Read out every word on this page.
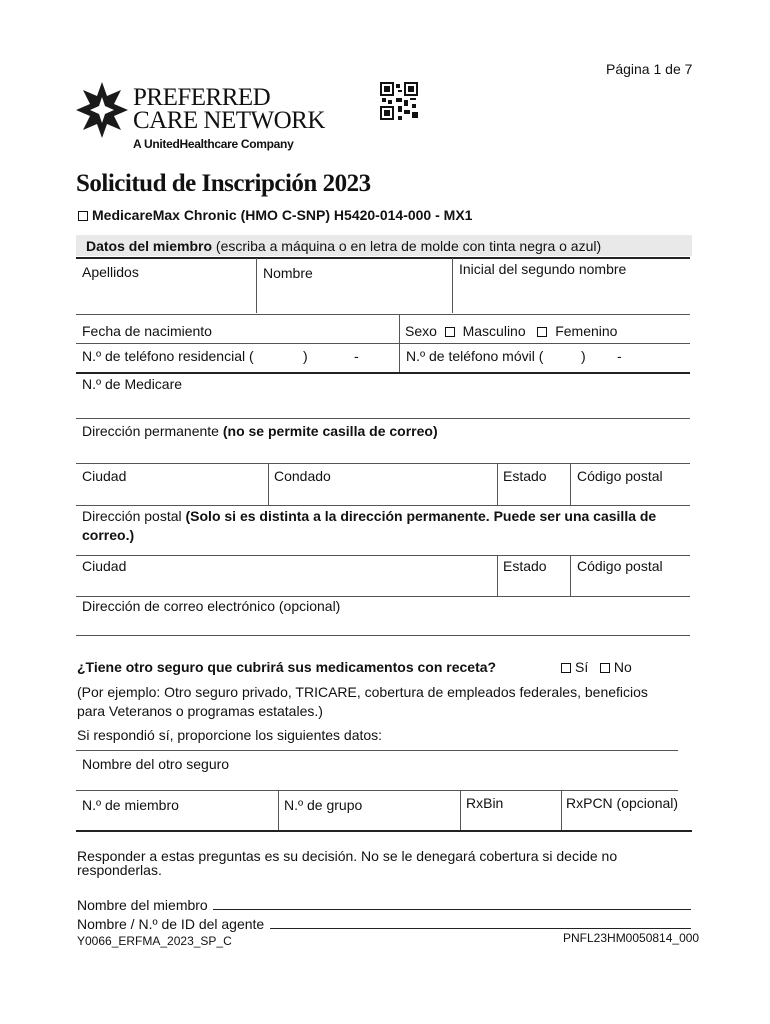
Página 1 de 7
PREFERRED
CARE NETWORK
A UnitedHealthcare Company
Solicitud de Inscripción 2023
MedicareMax Chronic (HMO C-SNP) H5420-014-000 - MX1
Datos del miembro (escriba a máquina o en letra de molde con tinta negra o azul)
Apellidos	Nombre	Inicial del segundo nombre
Fecha de nacimiento	Sexo Masculino Femenino
N.º de teléfono residencial (	)	-	N.º de teléfono móvil (	) -
N.º de Medicare
Dirección permanente (no se permite casilla de correo)
Ciudad	Condado	Estado Código postal
Dirección postal (Solo si es distinta a la dirección permanente. Puede ser una casilla de
correo.)
Ciudad	Estado Código postal
Dirección de correo electrónico (opcional)
¿Tiene otro seguro que cubrirá sus medicamentos con receta?	Sí No
(Por ejemplo: Otro seguro privado, TRICARE, cobertura de empleados federales, beneficios
para Veteranos o programas estatales.)
Si respondió sí, proporcione los siguientes datos:
Nombre del otro seguro
N.º de miembro	N.º de grupo	RxBin	RxPCN (opcional)
Responder a estas preguntas es su decisión. No se le denegará cobertura si decide no
responderlas.
Nombre del miembro
Nombre / N.º de ID del agente
Y0066_ERFMA_2023_SP_C	PNFL23HM0050814_000
